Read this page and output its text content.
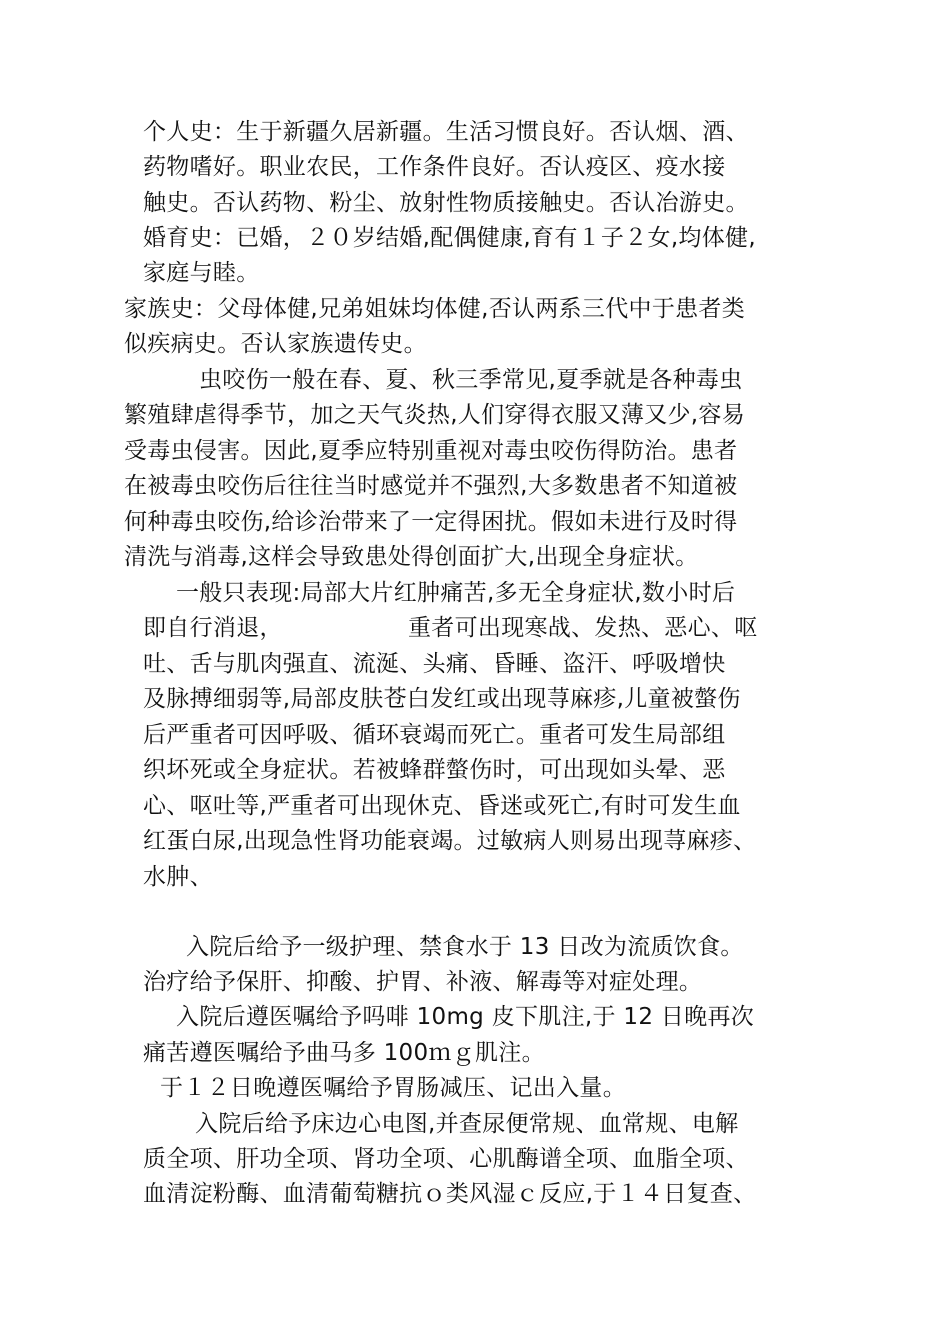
个人史：生于新疆久居新疆。生活习惯良好。否认烟、酒、

药物嗜好。职业农民，工作条件良好。否认疫区、疫水接

触史。否认药物、粉尘、放射性物质接触史。否认冶游史。

婚育史：已婚，２０岁结婚,配偶健康,育有１子２女,均体健,

家庭与睦。

家族史：父母体健,兄弟姐妹均体健,否认两系三代中于患者类

似疾病史。否认家族遗传史。

虫咬伤一般在春、夏、秋三季常见,夏季就是各种毒虫

繁殖肆虐得季节，加之天气炎热,人们穿得衣服又薄又少,容易

受毒虫侵害。因此,夏季应特别重视对毒虫咬伤得防治。患者

在被毒虫咬伤后往往当时感觉并不强烈,大多数患者不知道被

何种毒虫咬伤,给诊治带来了一定得困扰。假如未进行及时得

清洗与消毒,这样会导致患处得创面扩大,出现全身症状。

一般只表现:局部大片红肿痛苦,多无全身症状,数小时后

即自行消退，	重者可出现寒战、发热、恶心、呕

吐、舌与肌肉强直、流涎、头痛、昏睡、盗汗、呼吸增快

及脉搏细弱等,局部皮肤苍白发红或出现荨麻疹,儿童被螫伤

后严重者可因呼吸、循环衰竭而死亡。重者可发生局部组

织坏死或全身症状。若被蜂群螫伤时，可出现如头晕、恶

心、呕吐等,严重者可出现休克、昏迷或死亡,有时可发生血

红蛋白尿,出现急性肾功能衰竭。过敏病人则易出现荨麻疹、

水肿、

入院后给予一级护理、禁食水于 13 日改为流质饮食。

治疗给予保肝、抑酸、护胃、补液、解毒等对症处理。

入院后遵医嘱给予吗啡 10mg 皮下肌注,于 12 日晚再次

痛苦遵医嘱给予曲马多 100ｍｇ肌注。

于１２日晚遵医嘱给予胃肠减压、记出入量。

入院后给予床边心电图,并查尿便常规、血常规、电解

质全项、肝功全项、肾功全项、心肌酶谱全项、血脂全项、

血清淀粉酶、血清葡萄糖抗ｏ类风湿ｃ反应,于１４日复查、
